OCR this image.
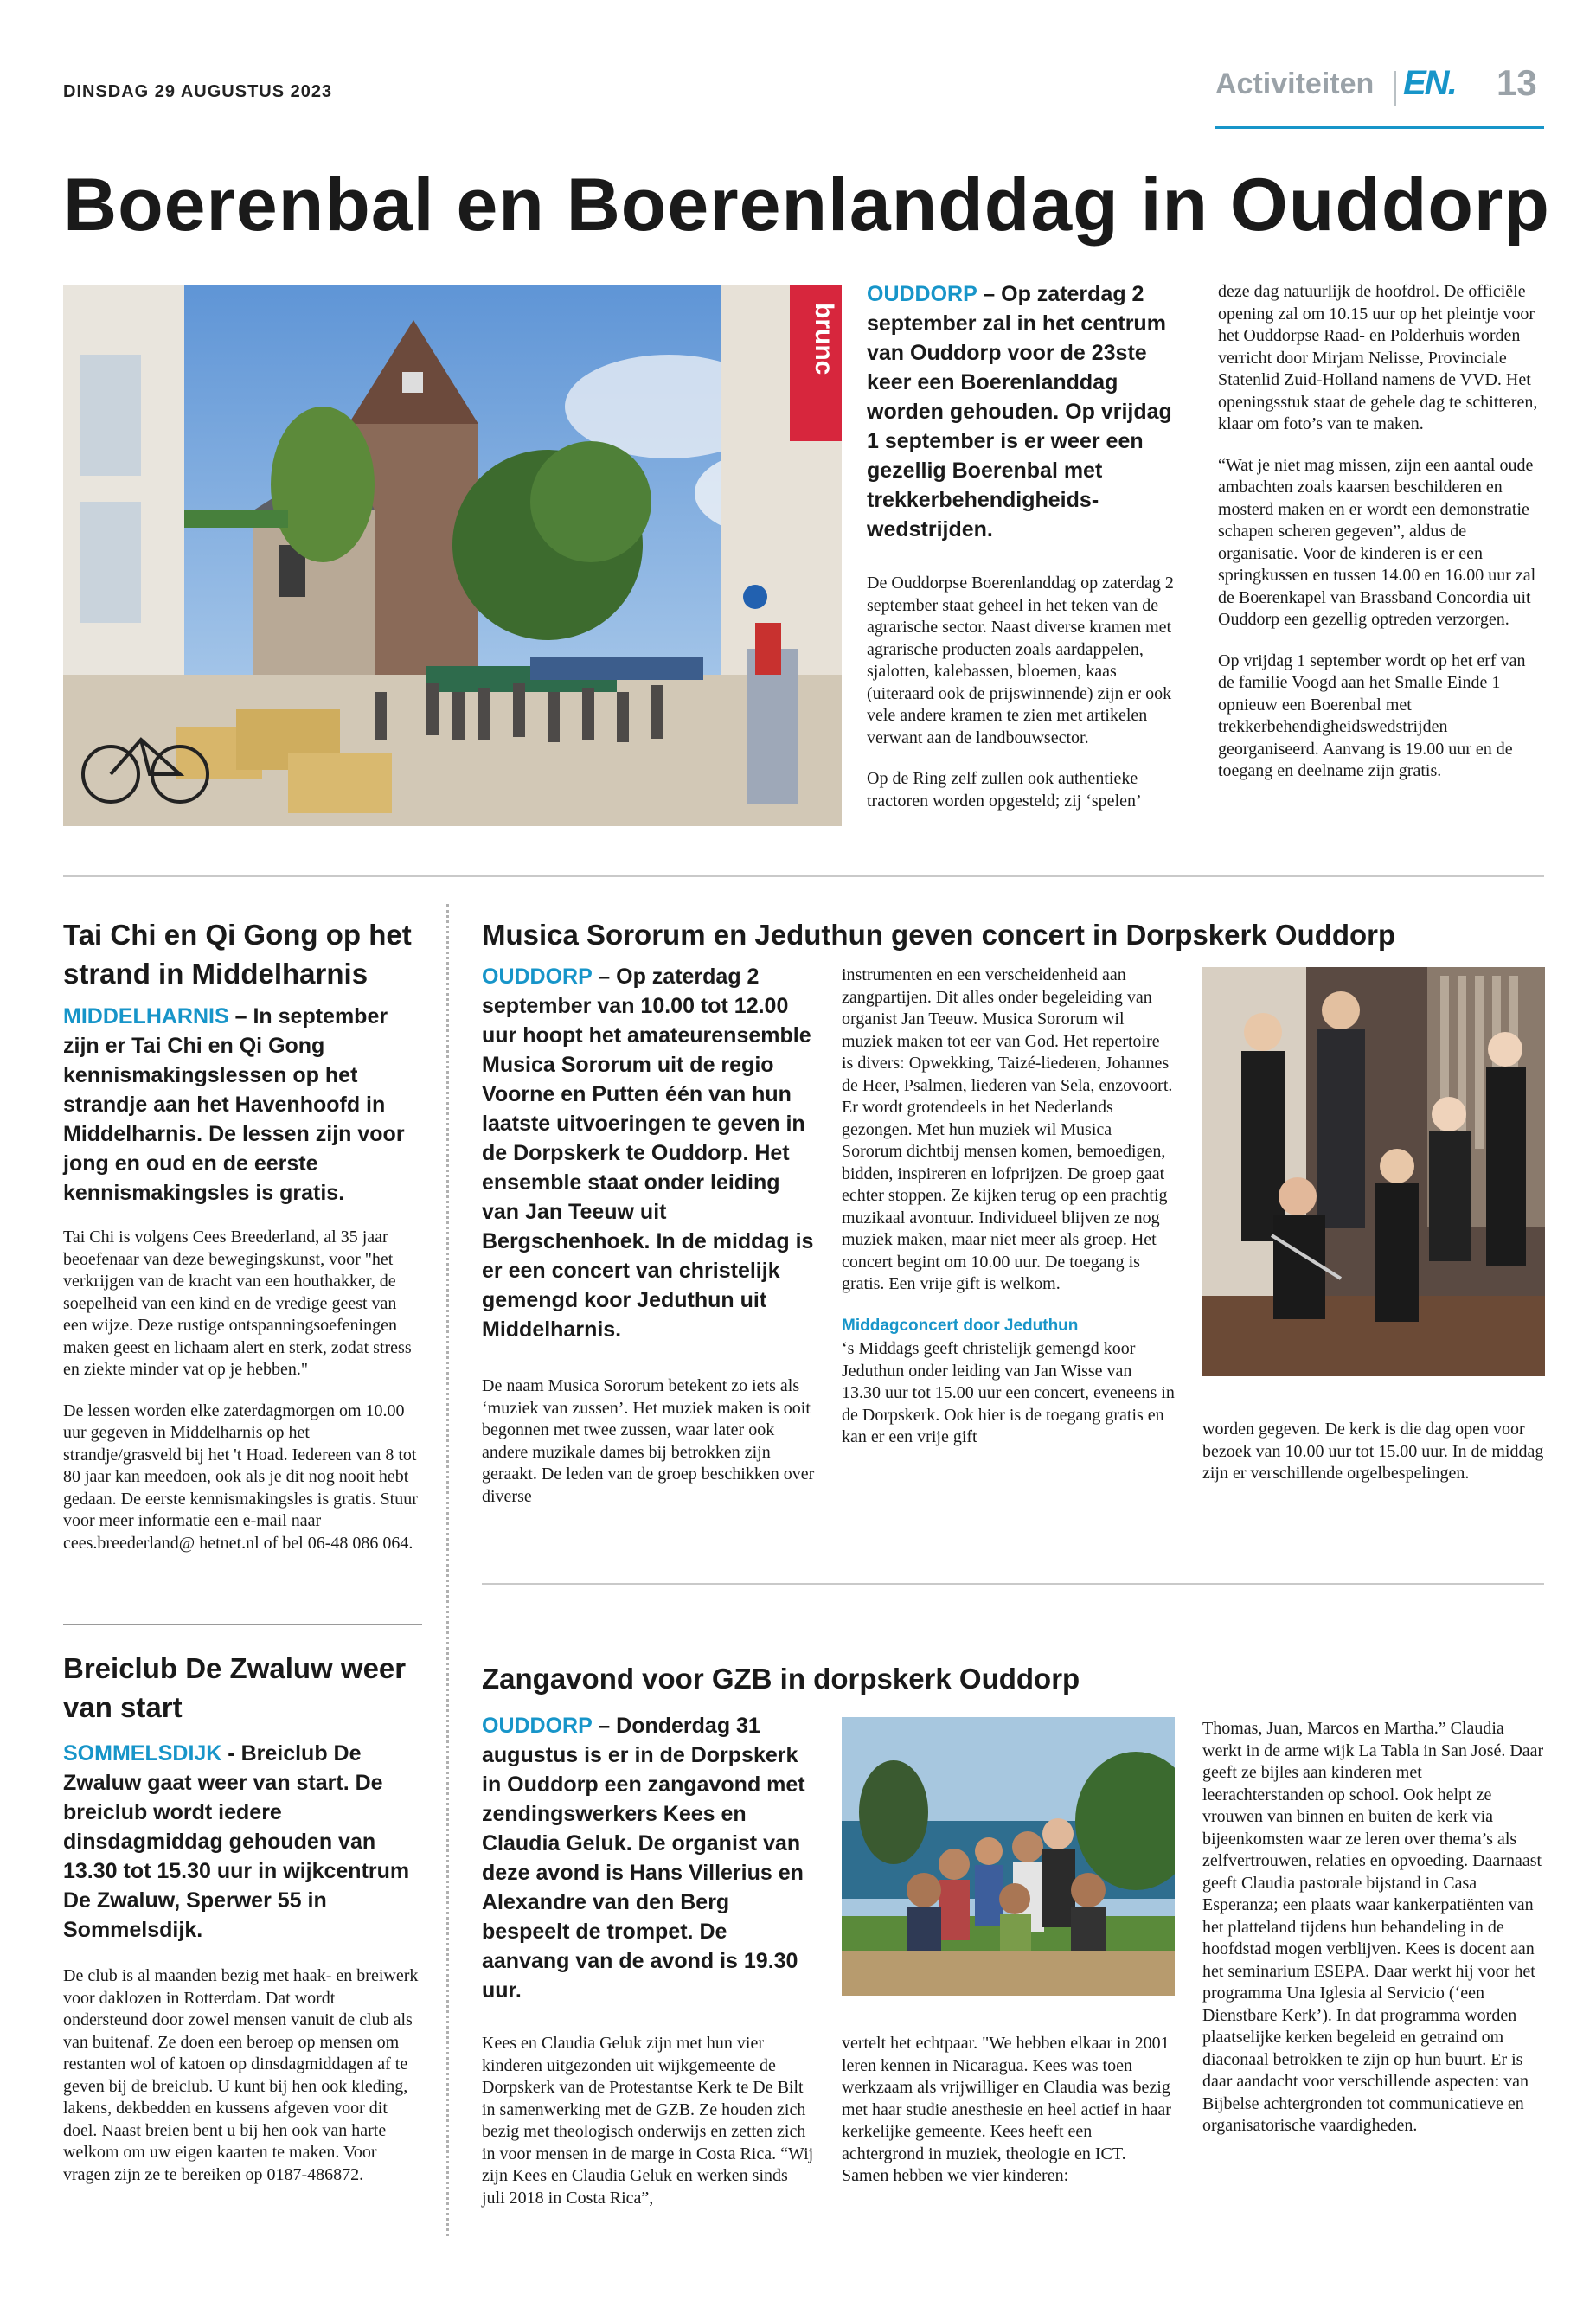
DINSDAG 29 AUGUSTUS 2023	Activiteiten EN. 13
Boerenbal en Boerenlanddag in Ouddorp
brunc
OUDDORP – Op zaterdag 2 september zal in het centrum van Ouddorp voor de 23ste keer een Boerenlanddag worden gehouden. Op vrijdag 1 september is er weer een gezellig Boerenbal met trekkerbehendigheidswedstrijden.

De Ouddorpse Boerenlanddag op zaterdag 2 september staat geheel in het teken van de agrarische sector. Naast diverse kramen met agrarische producten zoals aardappelen, sjalotten, kalebassen, bloemen, kaas (uiteraard ook de prijswinnende) zijn er ook vele andere kramen te zien met artikelen verwant aan de landbouwsector.

Op de Ring zelf zullen ook authentieke tractoren worden opgesteld; zij ‘spelen’

deze dag natuurlijk de hoofdrol. De officiële opening zal om 10.15 uur op het pleintje voor het Ouddorpse Raad- en Polderhuis worden verricht door Mirjam Nelisse, Provinciale Statenlid Zuid-Holland namens de VVD. Het openingsstuk staat de gehele dag te schitteren, klaar om foto’s van te maken.

“Wat je niet mag missen, zijn een aantal oude ambachten zoals kaarsen beschilderen en mosterd maken en er wordt een demonstratie schapen scheren gegeven”, aldus de organisatie. Voor de kinderen is er een springkussen en tussen 14.00 en 16.00 uur zal de Boerenkapel van Brassband Concordia uit Ouddorp een gezellig optreden verzorgen.

Op vrijdag 1 september wordt op het erf van de familie Voogd aan het Smalle Einde 1 opnieuw een Boerenbal met trekkerbehendigheidswedstrijden georganiseerd. Aanvang is 19.00 uur en de toegang en deelname zijn gratis.

Tai Chi en Qi Gong op het strand in Middelharnis
MIDDELHARNIS – In september zijn er Tai Chi en Qi Gong kennismakingslessen op het strandje aan het Havenhoofd in Middelharnis. De lessen zijn voor jong en oud en de eerste kennismakingsles is gratis.

Tai Chi is volgens Cees Breederland, al 35 jaar beoefenaar van deze bewegingskunst, voor "het verkrijgen van de kracht van een houthakker, de soepelheid van een kind en de vredige geest van een wijze. Deze rustige ontspanningsoefeningen maken geest en lichaam alert en sterk, zodat stress en ziekte minder vat op je hebben."

De lessen worden elke zaterdagmorgen om 10.00 uur gegeven in Middelharnis op het strandje/grasveld bij het 't Hoad. Iedereen van 8 tot 80 jaar kan meedoen, ook als je dit nog nooit hebt gedaan. De eerste kennismakingsles is gratis. Stuur voor meer informatie een e-mail naar cees.breederland@ hetnet.nl of bel 06-48 086 064.

Musica Sororum en Jeduthun geven concert in Dorpskerk Ouddorp
OUDDORP – Op zaterdag 2 september van 10.00 tot 12.00 uur hoopt het amateurensemble Musica Sororum uit de regio Voorne en Putten één van hun laatste uitvoeringen te geven in de Dorpskerk te Ouddorp. Het ensemble staat onder leiding van Jan Teeuw uit Bergschenhoek. In de middag is er een concert van christelijk gemengd koor Jeduthun uit Middelharnis.
De naam Musica Sororum betekent zo iets als ‘muziek van zussen’. Het muziek maken is ooit begonnen met twee zussen, waar later ook andere muzikale dames bij betrokken zijn geraakt. De leden van de groep beschikken over diverse

instrumenten en een verscheidenheid aan zangpartijen. Dit alles onder begeleiding van organist Jan Teeuw. Musica Sororum wil muziek maken tot eer van God. Het repertoire is divers: Opwekking, Taizé-liederen, Johannes de Heer, Psalmen, liederen van Sela, enzovoort. Er wordt grotendeels in het Nederlands gezongen. Met hun muziek wil Musica Sororum dichtbij mensen komen, bemoedigen, bidden, inspireren en lofprijzen. De groep gaat echter stoppen. Ze kijken terug op een prachtig muzikaal avontuur. Individueel blijven ze nog muziek maken, maar niet meer als groep. Het concert begint om 10.00 uur. De toegang is gratis. Een vrije gift is welkom.

Middagconcert door Jeduthun
‘s Middags geeft christelijk gemengd koor Jeduthun onder leiding van Jan Wisse van 13.30 uur tot 15.00 uur een concert, eveneens in de Dorpskerk. Ook hier is de toegang gratis en kan er een vrije gift	worden gegeven. De kerk is die dag open voor bezoek van 10.00 uur tot 15.00 uur. In de middag zijn er verschillende orgelbespelingen.
Breiclub De Zwaluw weer van start
SOMMELSDIJK - Breiclub De Zwaluw gaat weer van start. De breiclub wordt iedere dinsdagmiddag gehouden van 13.30 tot 15.30 uur in wijkcentrum De Zwaluw, Sperwer 55 in Sommelsdijk.
De club is al maanden bezig met haak- en breiwerk voor daklozen in Rotterdam. Dat wordt ondersteund door zowel mensen vanuit de club als van buitenaf. Ze doen een beroep op mensen om restanten wol of katoen op dinsdagmiddagen af te geven bij de breiclub. U kunt bij hen ook kleding, lakens, dekbedden en kussens afgeven voor dit doel. Naast breien bent u bij hen ook van harte welkom om uw eigen kaarten te maken. Voor vragen zijn ze te bereiken op 0187-486872.
Zangavond voor GZB in dorpskerk Ouddorp
OUDDORP – Donderdag 31 augustus is er in de Dorpskerk in Ouddorp een zangavond met zendingswerkers Kees en Claudia Geluk. De organist van deze avond is Hans Villerius en Alexandre van den Berg bespeelt de trompet. De aanvang van de avond is 19.30 uur.
Kees en Claudia Geluk zijn met hun vier kinderen uitgezonden uit wijkgemeente de Dorpskerk van de Protestantse Kerk te De Bilt in samenwerking met de GZB. Ze houden zich bezig met theologisch onderwijs en zetten zich in voor mensen in de marge in Costa Rica. “Wij zijn Kees en Claudia Geluk en werken sinds juli 2018 in Costa Rica”,
vertelt het echtpaar. "We hebben elkaar in 2001 leren kennen in Nicaragua. Kees was toen werkzaam als vrijwilliger en Claudia was bezig met haar studie anesthesie en heel actief in haar kerkelijke gemeente. Kees heeft een achtergrond in muziek, theologie en ICT. Samen hebben we vier kinderen:
Thomas, Juan, Marcos en Martha.” Claudia werkt in de arme wijk La Tabla in San José. Daar geeft ze bijles aan kinderen met leerachterstanden op school. Ook helpt ze vrouwen van binnen en buiten de kerk via bijeenkomsten waar ze leren over thema’s als zelfvertrouwen, relaties en opvoeding. Daarnaast geeft Claudia pastorale bijstand in Casa Esperanza; een plaats waar kankerpatiënten van het platteland tijdens hun behandeling in de hoofdstad mogen verblijven. Kees is docent aan het seminarium ESEPA. Daar werkt hij voor het programma Una Iglesia al Servicio (‘een Dienstbare Kerk’). In dat programma worden plaatselijke kerken begeleid en getraind om diaconaal betrokken te zijn op hun buurt. Er is daar aandacht voor verschillende aspecten: van Bijbelse achtergronden tot communicatieve en organisatorische vaardigheden.
